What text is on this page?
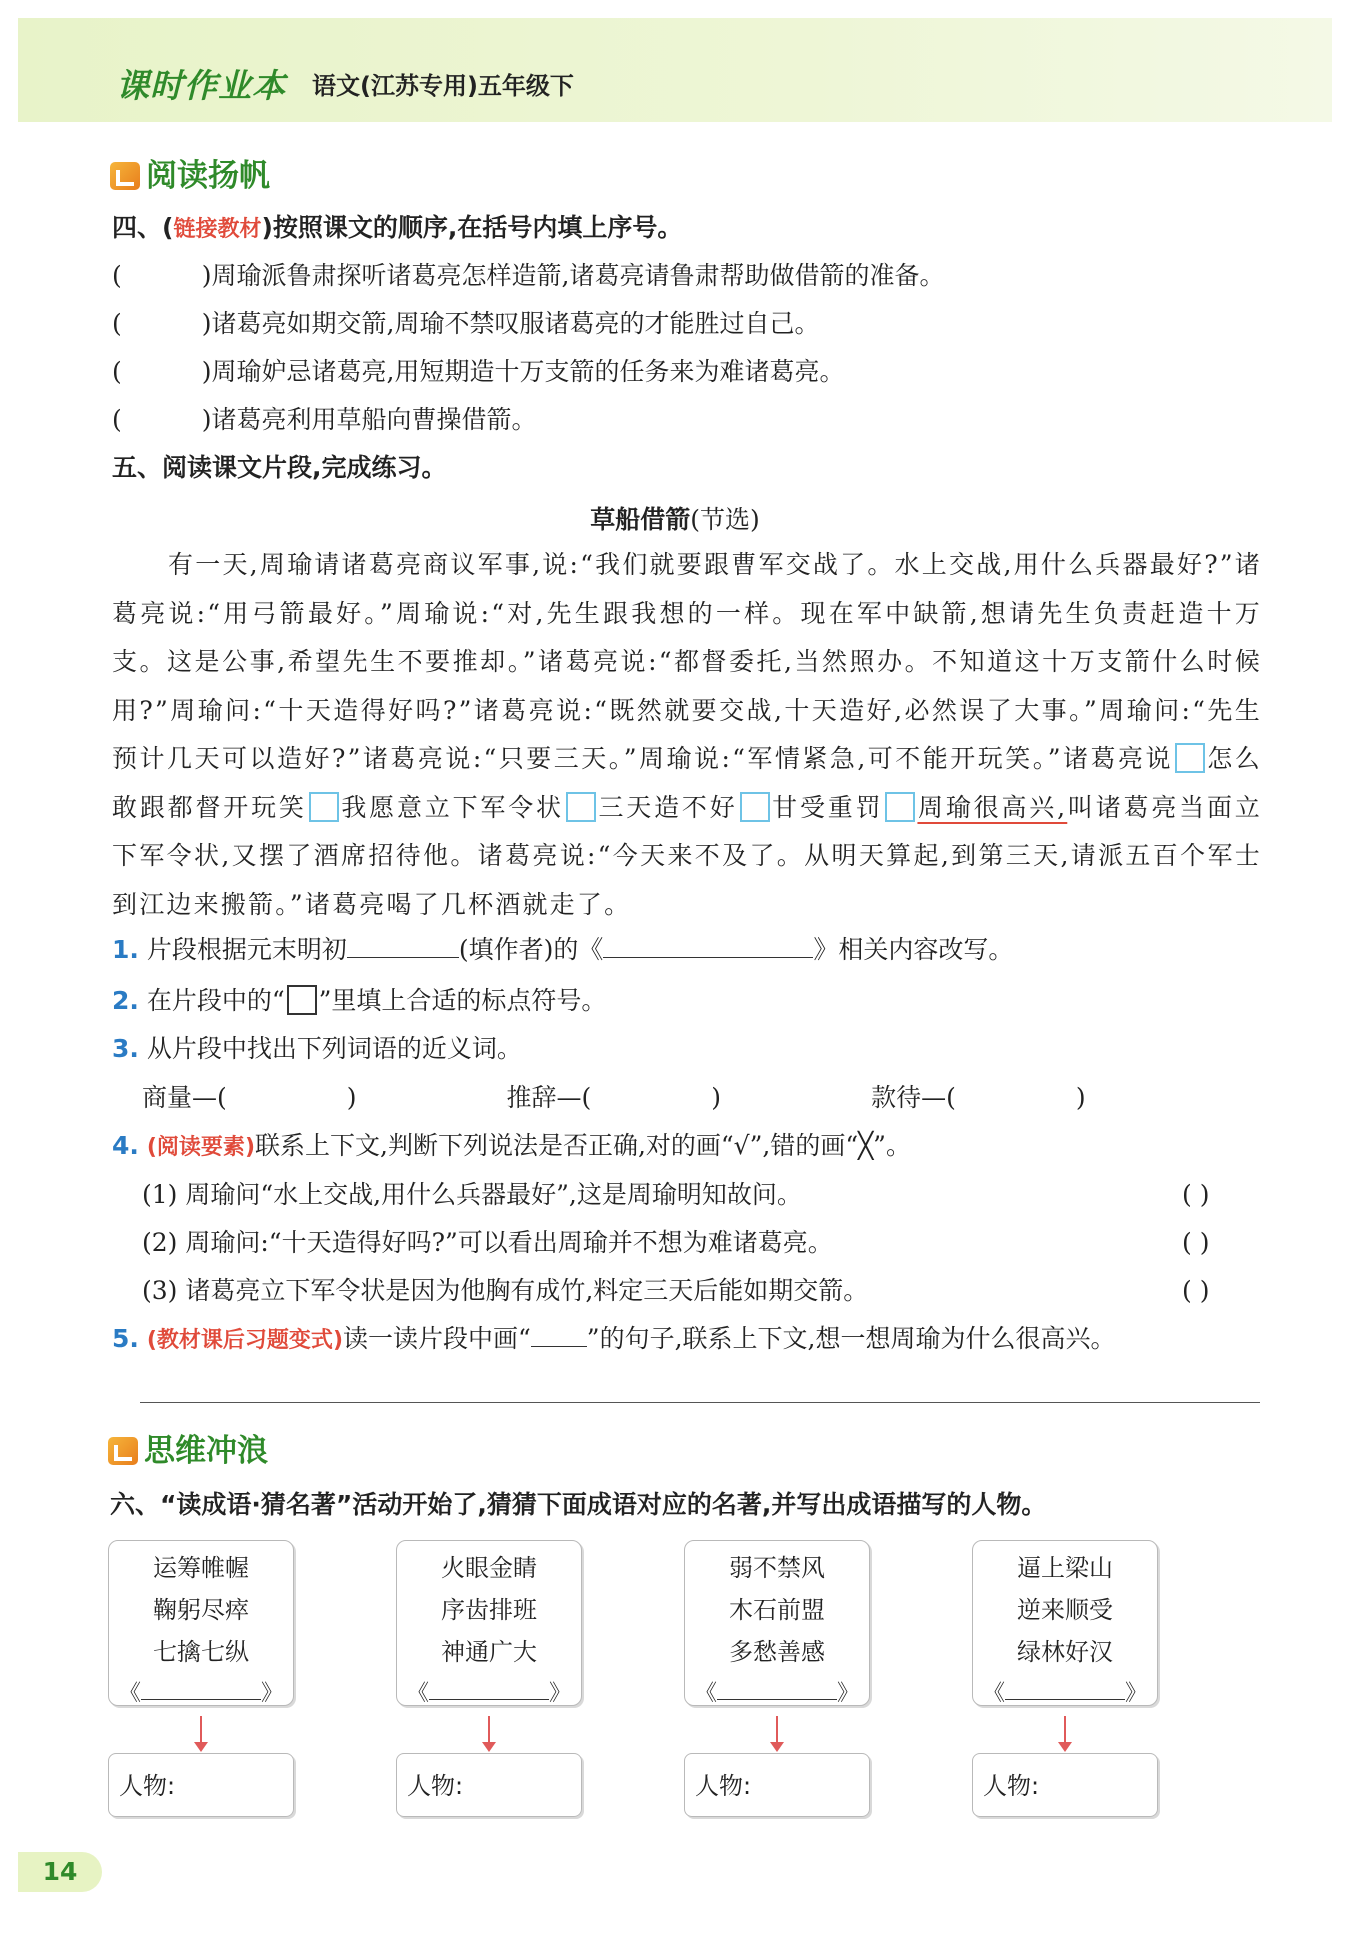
课时作业本 语文(江苏专用)五年级下
阅读扬帆
四、(链接教材)按照课文的顺序,在括号内填上序号。
(	)周瑜派鲁肃探听诸葛亮怎样造箭,诸葛亮请鲁肃帮助做借箭的准备。
(	)诸葛亮如期交箭,周瑜不禁叹服诸葛亮的才能胜过自己。
(	)周瑜妒忌诸葛亮,用短期造十万支箭的任务来为难诸葛亮。
(	)诸葛亮利用草船向曹操借箭。
五、阅读课文片段,完成练习。
草船借箭(节选)

有一天,周瑜请诸葛亮商议军事,说:“我们就要跟曹军交战了。水上交战,用什么兵器最好?”诸葛亮说:“用弓箭最好。”周瑜说:“对,先生跟我想的一样。现在军中缺箭,想请先生负责赶造十万支。这是公事,希望先生不要推却。”诸葛亮说:“都督委托,当然照办。不知道这十万支箭什么时候用?”周瑜问:“十天造得好吗?”诸葛亮说:“既然就要交战,十天造好,必然误了大事。”周瑜问:“先生预计几天可以造好?”诸葛亮说:“只要三天。”周瑜说:“军情紧急,可不能开玩笑。”诸葛亮说 怎么敢跟都督开玩笑 我愿意立下军令状 三天造不好 甘受重罚 周瑜很高兴,叫诸葛亮当面立下军令状,又摆了酒席招待他。诸葛亮说:“今天来不及了。从明天算起,到第三天,请派五百个军士到江边来搬箭。”诸葛亮喝了几杯酒就走了。

1. 片段根据元末明初	(填作者)的《	》相关内容改写。
2. 在片段中的“ ”里填上合适的标点符号。
3. 从片段中找出下列词语的近义词。
商量—(	)	推辞—(	)	款待—(	)
4. (阅读要素)联系上下文,判断下列说法是否正确,对的画“√”,错的画“╳”。
(1) 周瑜问“水上交战,用什么兵器最好”,这是周瑜明知故问。	( )
(2) 周瑜问:“十天造得好吗?”可以看出周瑜并不想为难诸葛亮。	( )
(3) 诸葛亮立下军令状是因为他胸有成竹,料定三天后能如期交箭。	( )
5. (教材课后习题变式)读一读片段中画“ ”的句子,联系上下文,想一想周瑜为什么很高兴。
思维冲浪
六、“读成语·猜名著”活动开始了,猜猜下面成语对应的名著,并写出成语描写的人物。
运筹帷幄
鞠躬尽瘁
七擒七纵
《	》
火眼金睛
序齿排班
神通广大
《	》
弱不禁风
木石前盟
多愁善感
《	》
逼上梁山
逆来顺受
绿林好汉
《	》
人物:	人物:	人物:	人物:
14
